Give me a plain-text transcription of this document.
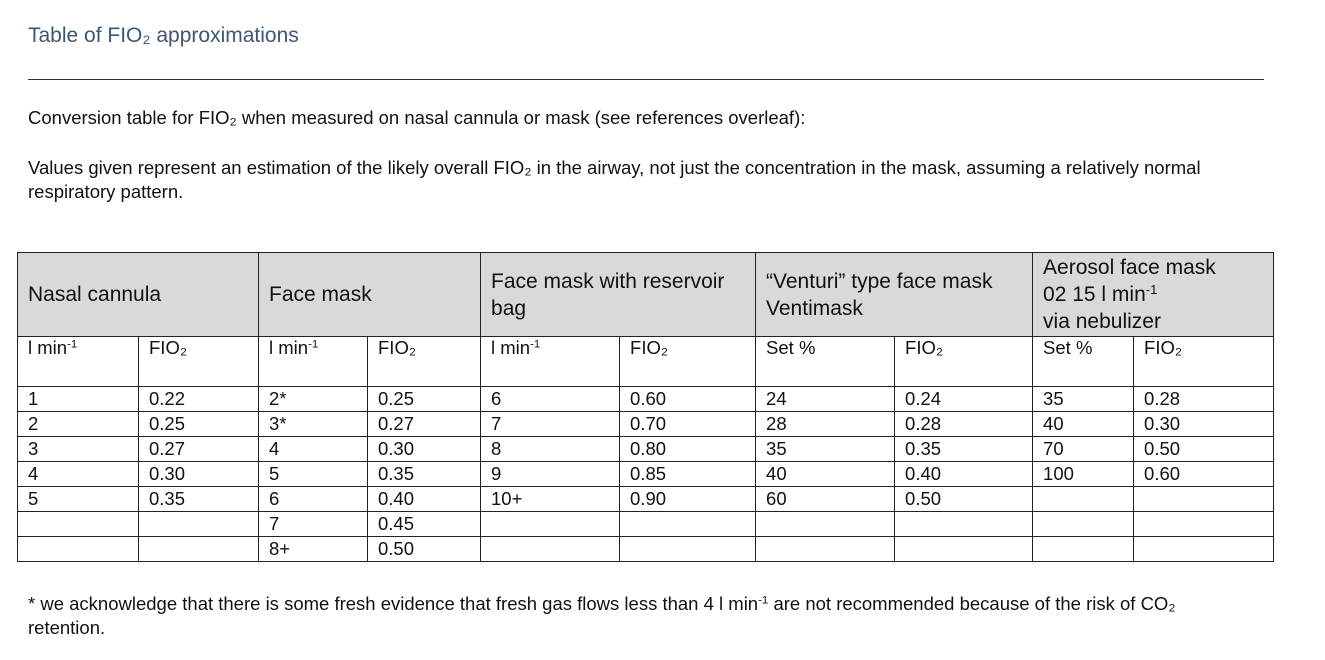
Table of FIO₂ approximations
Conversion table for FIO₂ when measured on nasal cannula or mask (see references overleaf):
Values given represent an estimation of the likely overall FIO₂ in the airway, not just the concentration in the mask, assuming a relatively normal respiratory pattern.
Nasal cannula		Face mask		Face mask with reservoir bag		“Venturi” type face mask Ventimask		Aerosol face mask
02 15 l $\min^{-1}$
via nebulizer	
l $\min^{-1}$	FIO₂	l $\min^{-1}$	FIO₂	l $\min^{-1}$	FIO₂	Set %	FIO₂	Set %	FIO₂
1	0.22	2*	0.25	6	0.60	24	0.24	35	0.28
2	0.25	3*	0.27	7	0.70	28	0.28	40	0.30
3	0.27	4	0.30	8	0.80	35	0.35	70	0.50
4	0.30	5	0.35	9	0.85	40	0.40	100	0.60
5	0.35	6	0.40	10+	0.90	60	0.50		
		7	0.45						
		8+	0.50						
* we acknowledge that there is some fresh evidence that fresh gas flows less than 4 l $\min^{-1}$ are not recommended because of the risk of CO₂ retention.
